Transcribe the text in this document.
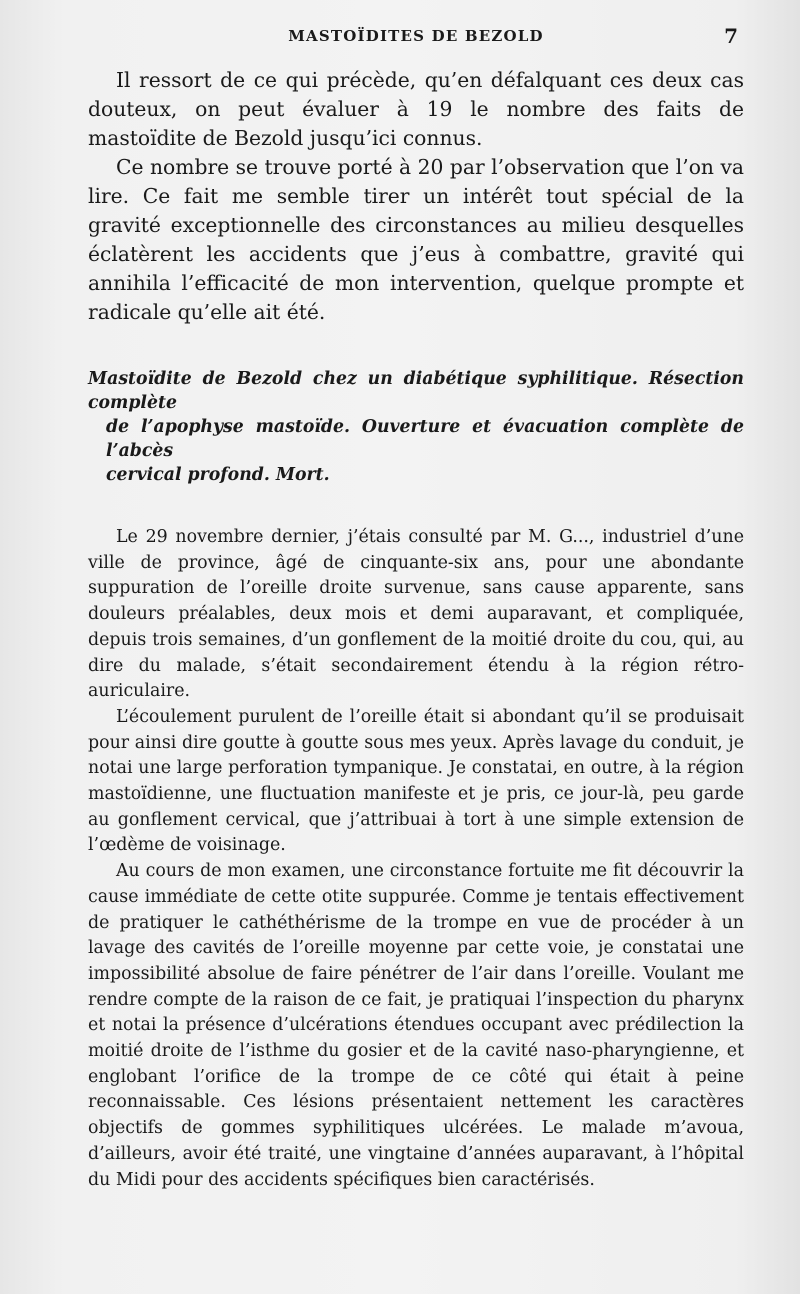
MASTOÏDITES DE BEZOLD	7

Il ressort de ce qui précède, qu’en défalquant ces deux cas douteux, on peut évaluer à 19 le nombre des faits de mastoïdite de Bezold jusqu’ici connus.

Ce nombre se trouve porté à 20 par l’observation que l’on va lire. Ce fait me semble tirer un intérêt tout spécial de la gravité exceptionnelle des circonstances au milieu desquelles éclatèrent les accidents que j’eus à combattre, gravité qui annihila l’efficacité de mon intervention, quelque prompte et radicale qu’elle ait été.

Mastoïdite de Bezold chez un diabétique syphilitique. Résection complète
de l’apophyse mastoïde. Ouverture et évacuation complète de l’abcès
cervical profond. Mort.

Le 29 novembre dernier, j’étais consulté par M. G..., industriel d’une ville de province, âgé de cinquante-six ans, pour une abondante suppuration de l’oreille droite survenue, sans cause apparente, sans douleurs préalables, deux mois et demi auparavant, et compliquée, depuis trois semaines, d’un gonflement de la moitié droite du cou, qui, au dire du malade, s’était secondairement étendu à la région rétro-auriculaire.

L’écoulement purulent de l’oreille était si abondant qu’il se produisait pour ainsi dire goutte à goutte sous mes yeux. Après lavage du conduit, je notai une large perforation tympanique. Je constatai, en outre, à la région mastoïdienne, une fluctuation manifeste et je pris, ce jour-là, peu garde au gonflement cervical, que j’attribuai à tort à une simple extension de l’œdème de voisinage.

Au cours de mon examen, une circonstance fortuite me fit découvrir la cause immédiate de cette otite suppurée. Comme je tentais effectivement de pratiquer le cathéthérisme de la trompe en vue de procéder à un lavage des cavités de l’oreille moyenne par cette voie, je constatai une impossibilité absolue de faire pénétrer de l’air dans l’oreille. Voulant me rendre compte de la raison de ce fait, je pratiquai l’inspection du pharynx et notai la présence d’ulcérations étendues occupant avec prédilection la moitié droite de l’isthme du gosier et de la cavité naso-pharyngienne, et englobant l’orifice de la trompe de ce côté qui était à peine reconnaissable. Ces lésions présentaient nettement les caractères objectifs de gommes syphilitiques ulcérées. Le malade m’avoua, d’ailleurs, avoir été traité, une vingtaine d’années auparavant, à l’hôpital du Midi pour des accidents spécifiques bien caractérisés.
